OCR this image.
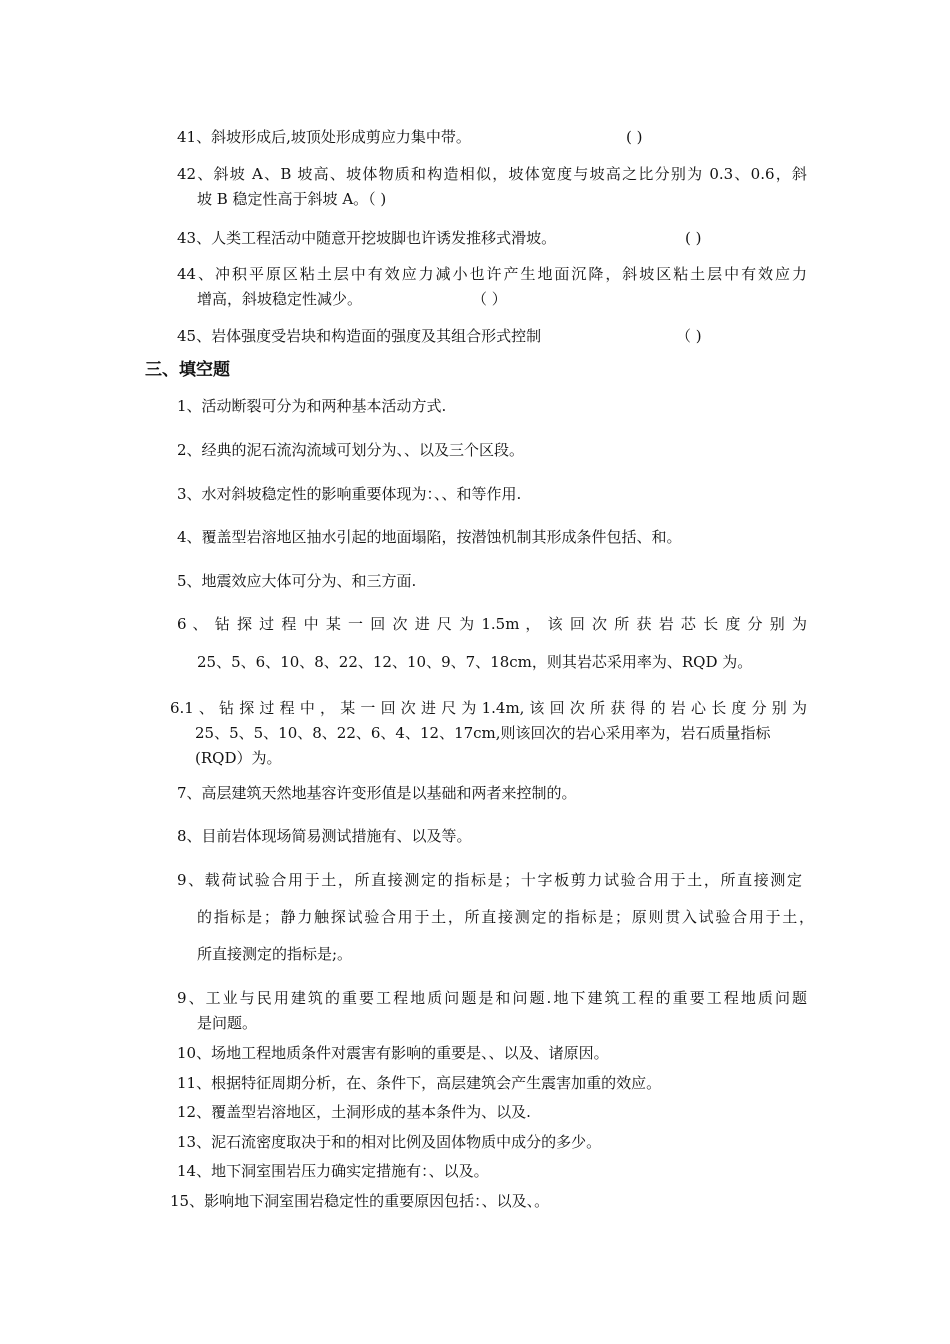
41、斜坡形成后,坡顶处形成剪应力集中带。	( )
42、斜坡 A、B 坡高、坡体物质和构造相似，坡体宽度与坡高之比分别为 0.3、0.6，斜
坡 B 稳定性高于斜坡 A。（ )
43、人类工程活动中随意开挖坡脚也许诱发推移式滑坡。	( )
44、冲积平原区粘土层中有效应力减小也许产生地面沉降，斜坡区粘土层中有效应力
增高，斜坡稳定性减少。	（ ）
45、岩体强度受岩块和构造面的强度及其组合形式控制	（ )
三、填空题
1、活动断裂可分为和两种基本活动方式.
2、经典的泥石流沟流域可划分为、、以及三个区段。
3、水对斜坡稳定性的影响重要体现为：、、和等作用.
4、覆盖型岩溶地区抽水引起的地面塌陷，按潜蚀机制其形成条件包括、和。
5、地震效应大体可分为、和三方面.
6 、 钻 探 过 程 中 某 一 回 次 进 尺 为 1.5m ， 该 回 次 所 获 岩 芯 长 度 分 别 为
25、5、6、10、8、22、12、10、9、7、18cm，则其岩芯采用率为、RQD 为。
6.1 、 钻 探 过 程 中 ， 某 一 回 次 进 尺 为 1.4m, 该 回 次 所 获 得 的 岩 心 长 度 分 别 为
25、5、5、10、8、22、6、4、12、17cm,则该回次的岩心采用率为，岩石质量指标
(RQD）为。
7、高层建筑天然地基容许变形值是以基础和两者来控制的。
8、目前岩体现场简易测试措施有、以及等。
9、载荷试验合用于土，所直接测定的指标是；十字板剪力试验合用于土，所直接测定
的指标是；静力触探试验合用于土，所直接测定的指标是；原则贯入试验合用于土，
所直接测定的指标是;。
9、工业与民用建筑的重要工程地质问题是和问题.地下建筑工程的重要工程地质问题
是问题。
10、场地工程地质条件对震害有影响的重要是、、以及、诸原因。
11、根据特征周期分析，在、条件下，高层建筑会产生震害加重的效应。
12、覆盖型岩溶地区，土洞形成的基本条件为、以及.
13、泥石流密度取决于和的相对比例及固体物质中成分的多少。
14、地下洞室围岩压力确实定措施有：、以及。
15、影响地下洞室围岩稳定性的重要原因包括：、以及、。
